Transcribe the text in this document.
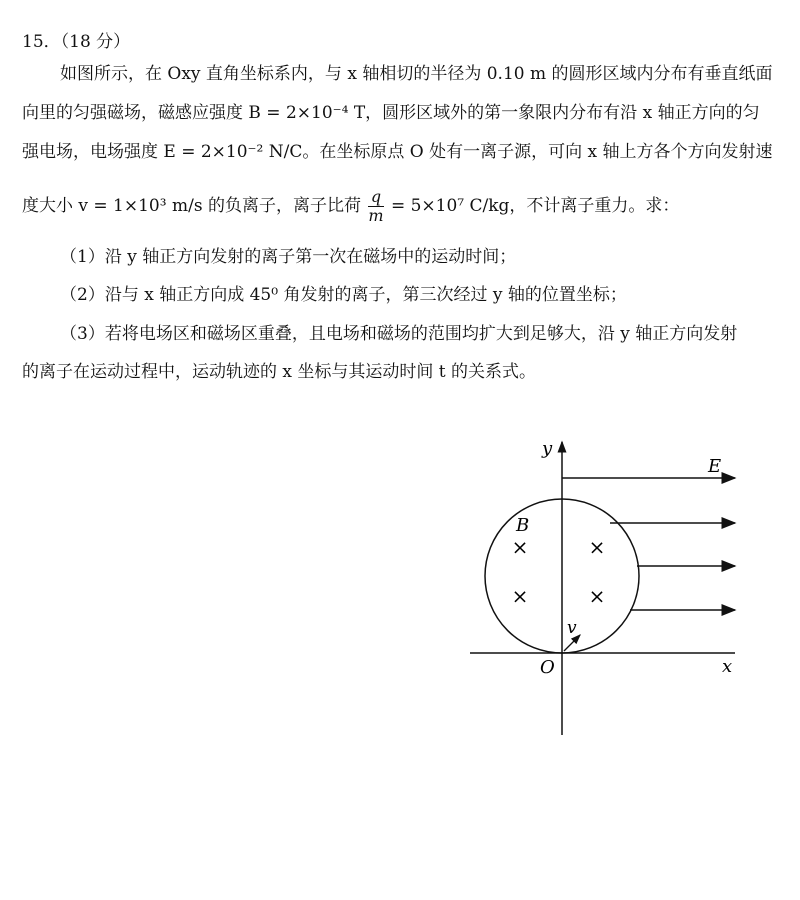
15．（18 分）
如图所示，在 Oxy 直角坐标系内，与 x 轴相切的半径为 0.10 m 的圆形区域内分布有垂直纸面
向里的匀强磁场，磁感应强度 B = 2×10⁻⁴ T，圆形区域外的第一象限内分布有沿 x 轴正方向的匀
强电场，电场强度 E = 2×10⁻² N/C。在坐标原点 O 处有一离子源，可向 x 轴上方各个方向发射速
度大小 v = 1×10³ m/s 的负离子，离子比荷 $\frac{q}{m} = 5\times 10^7$ C/kg，不计离子重力。求：
（1）沿 y 轴正方向发射的离子第一次在磁场中的运动时间；
（2）沿与 x 轴正方向成 45⁰ 角发射的离子，第三次经过 y 轴的位置坐标；
（3）若将电场区和磁场区重叠，且电场和磁场的范围均扩大到足够大，沿 y 轴正方向发射
的离子在运动过程中，运动轨迹的 x 坐标与其运动时间 t 的关系式。
×	×
×	×
y
x
O
E
B
v
